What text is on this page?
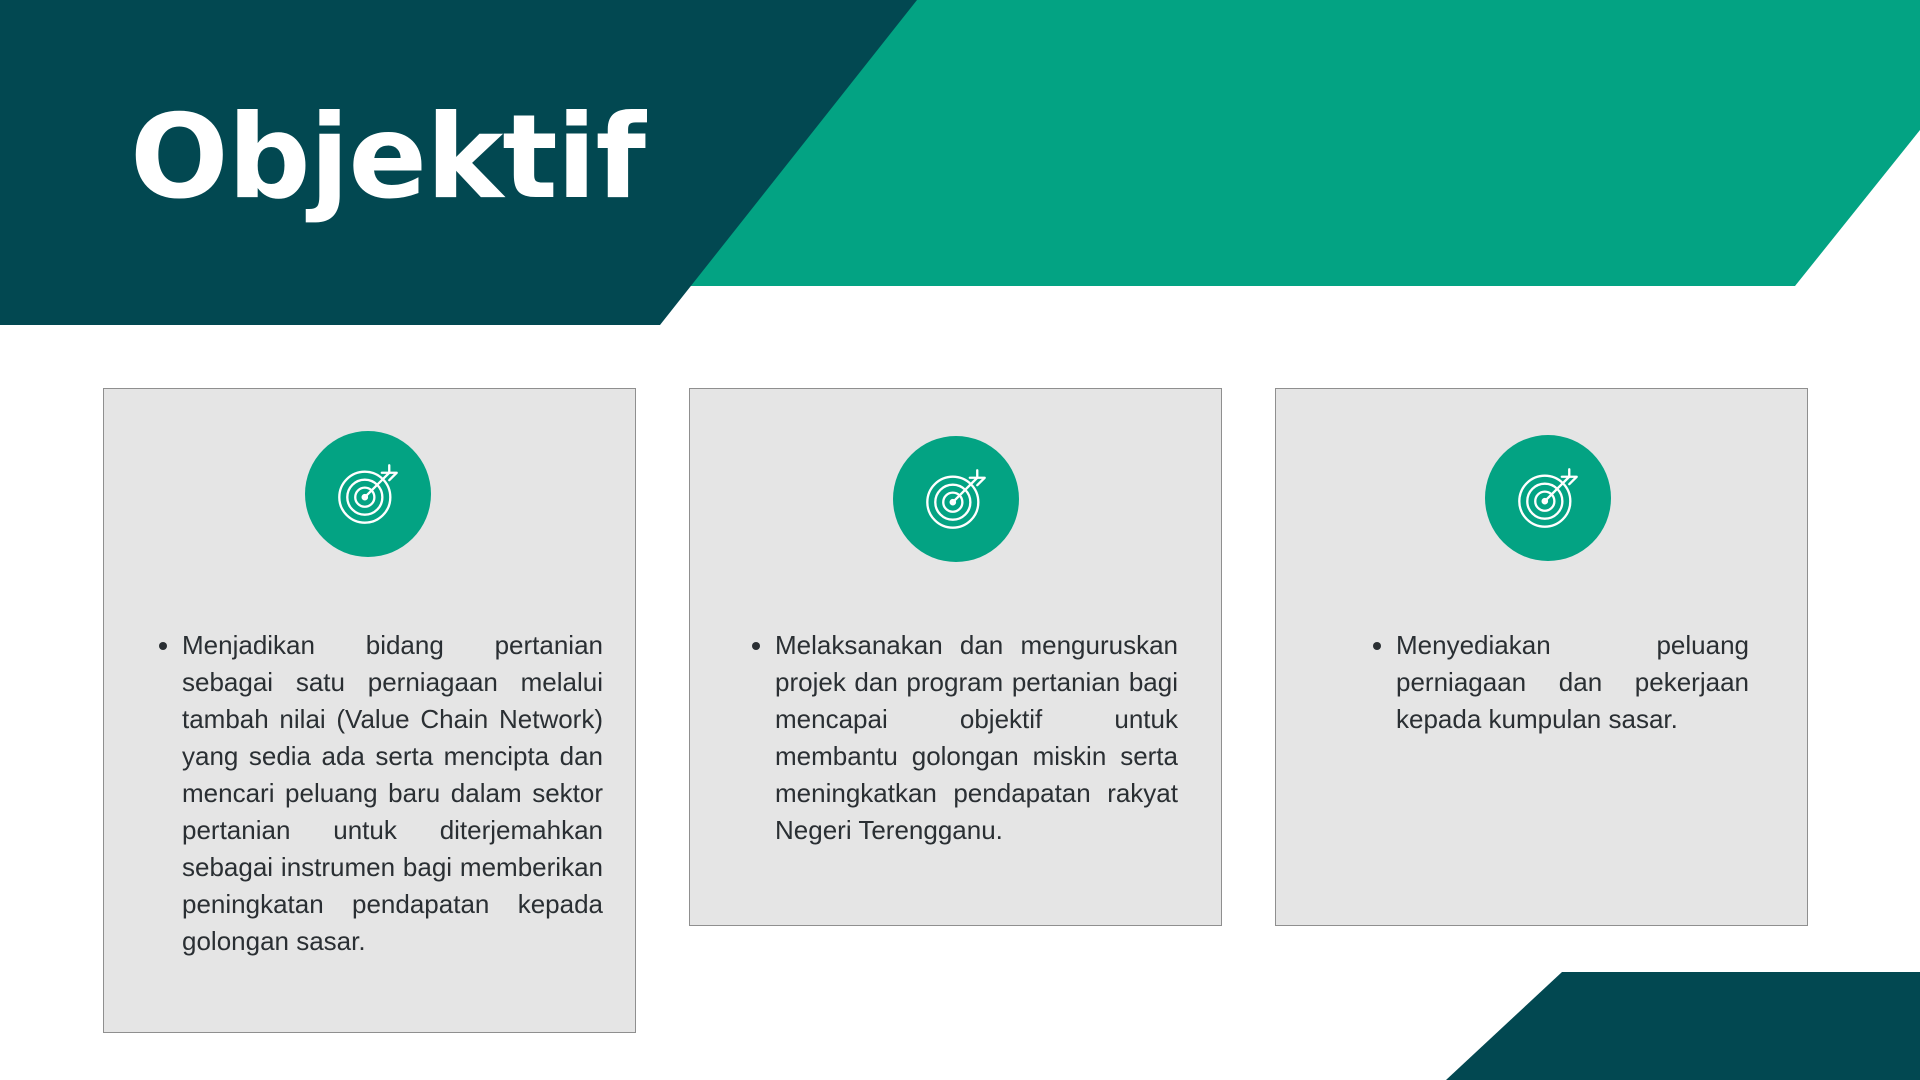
Objektif
• Menjadikan bidang pertanian sebagai satu perniagaan melalui tambah nilai (Value Chain Network) yang sedia ada serta mencipta dan mencari peluang baru dalam sektor pertanian untuk diterjemahkan sebagai instrumen bagi memberikan peningkatan pendapatan kepada golongan sasar.
• Melaksanakan dan menguruskan projek dan program pertanian bagi mencapai objektif untuk membantu golongan miskin serta meningkatkan pendapatan rakyat Negeri Terengganu.
• Menyediakan peluang perniagaan dan pekerjaan kepada kumpulan sasar.
